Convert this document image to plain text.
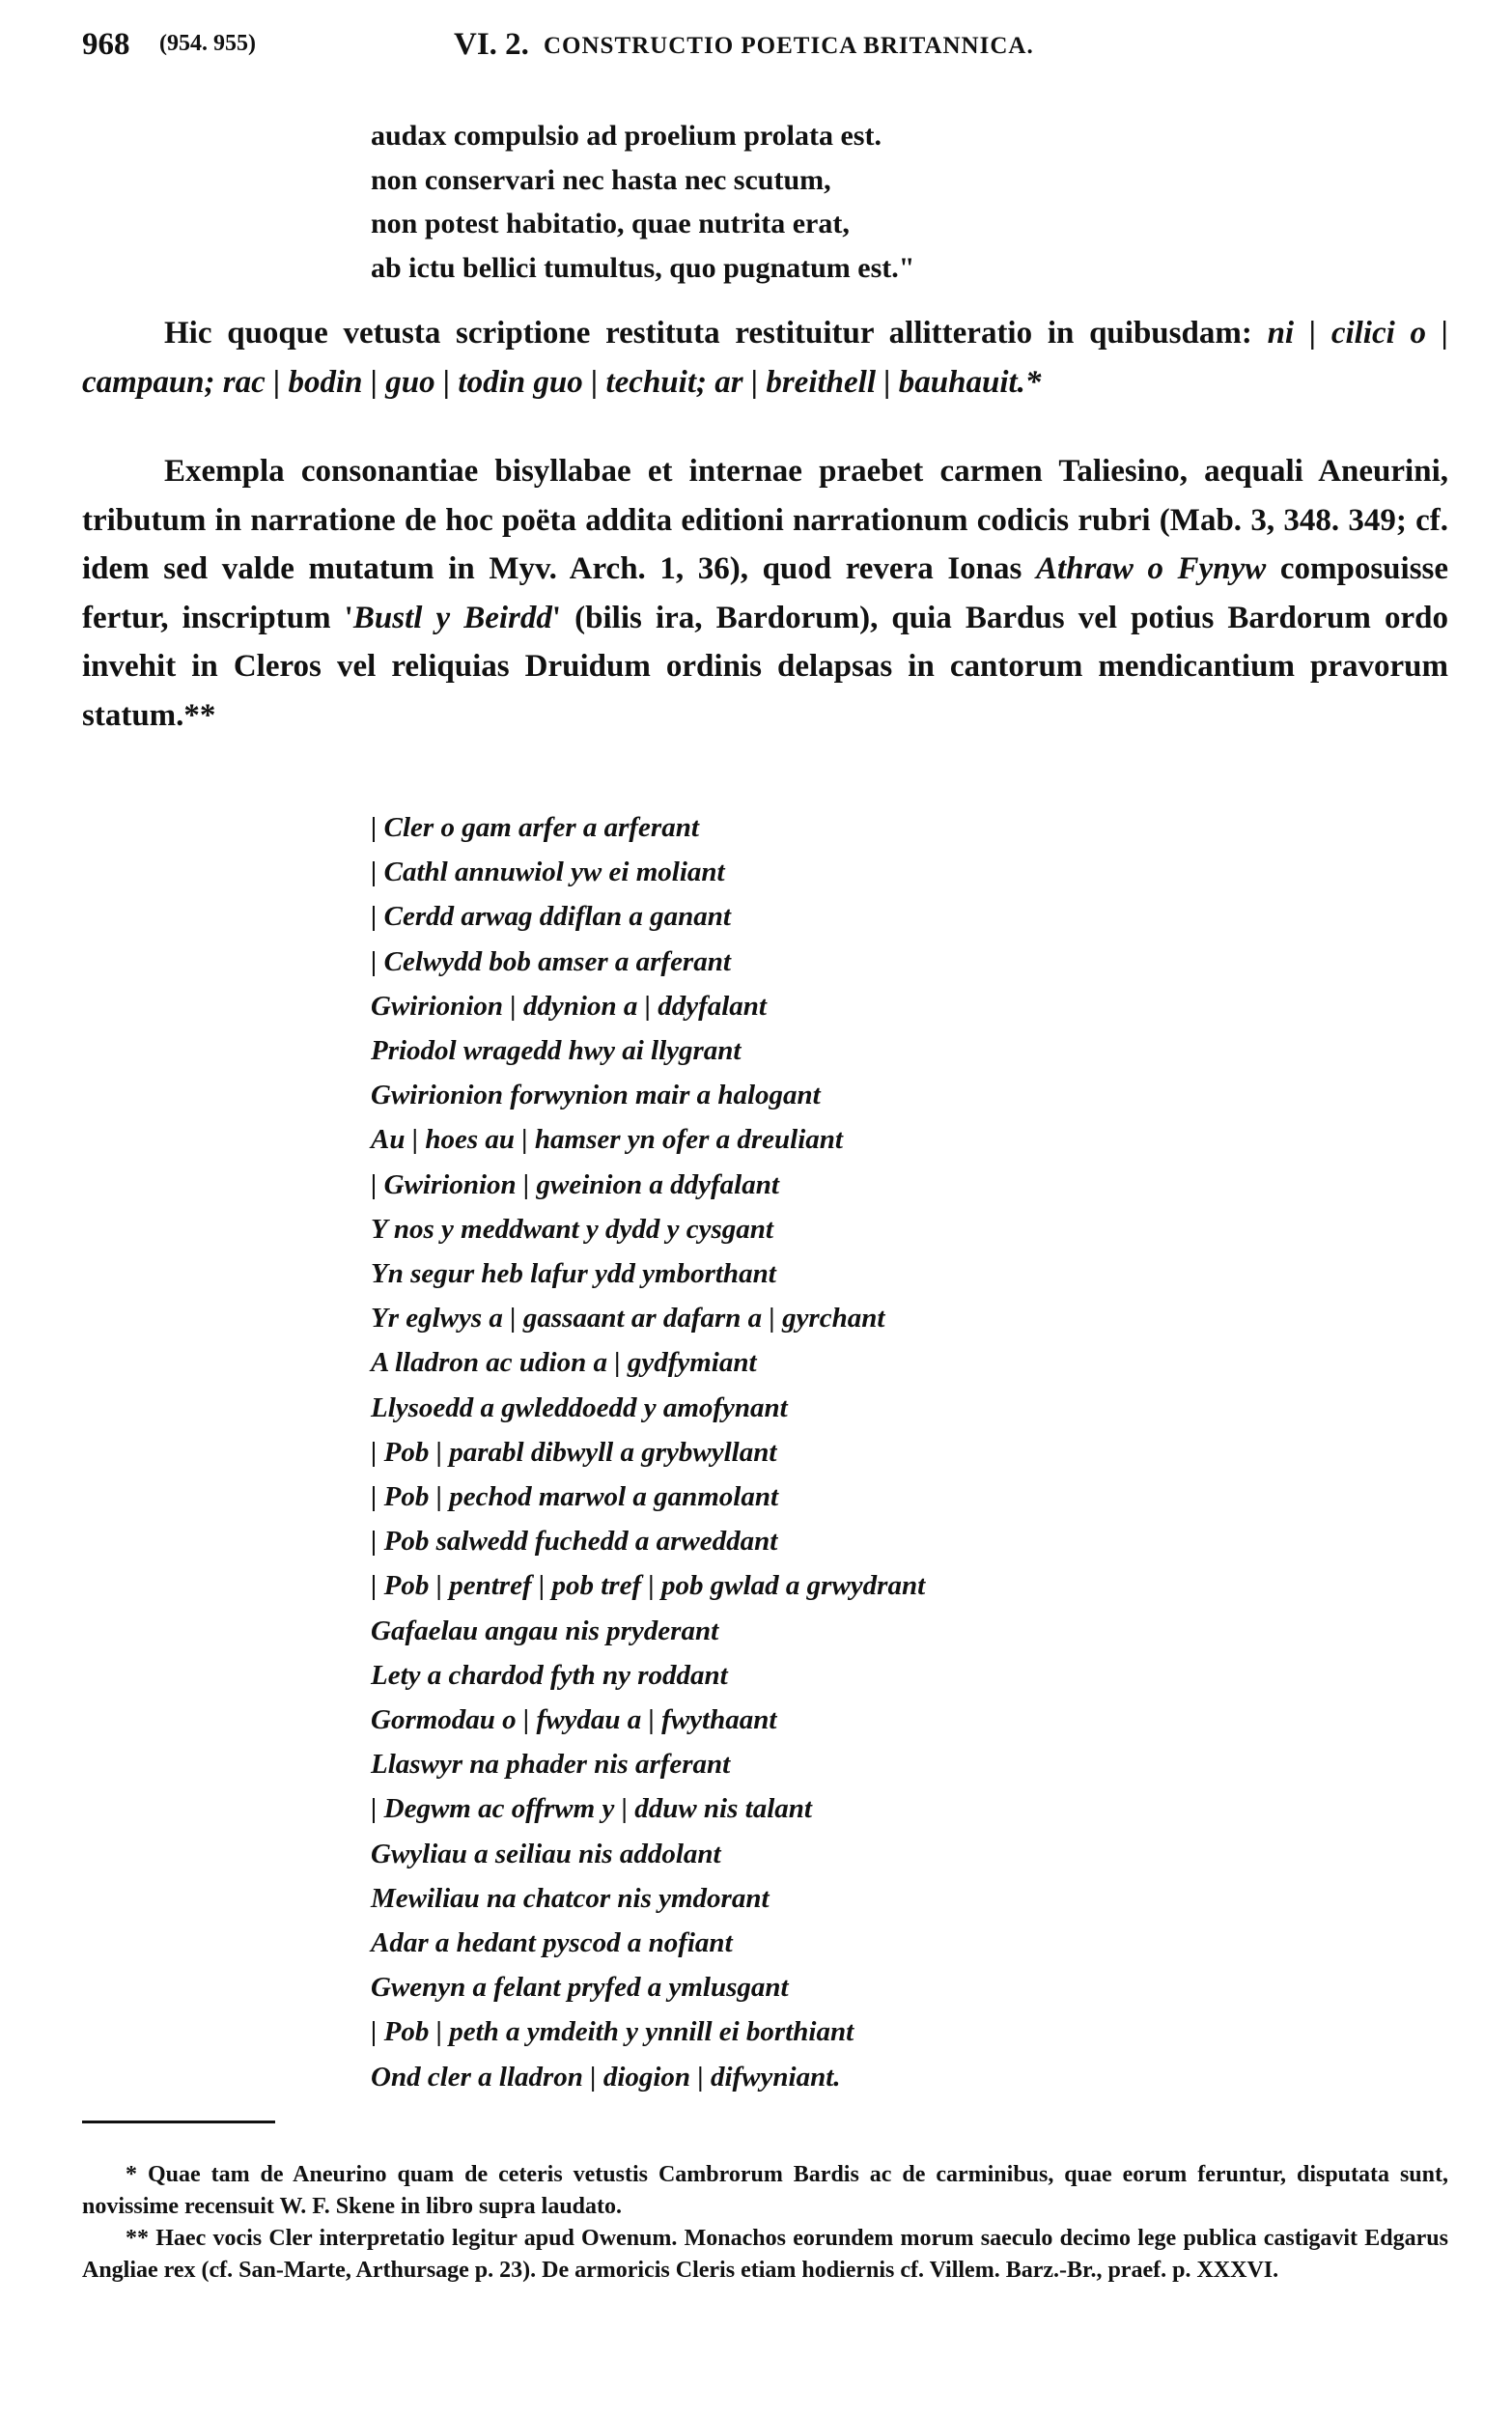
968 (954. 955)	VI. 2. CONSTRUCTIO POETICA BRITANNICA.
audax compulsio ad proelium prolata est.
non conservari nec hasta nec scutum,
non potest habitatio, quae nutrita erat,
ab ictu bellici tumultus, quo pugnatum est."
Hic quoque vetusta scriptione restituta restituitur allitteratio in quibusdam: ni | cilici o | campaun; rac | bodin | guo | todin guo | techuit; ar | breithell | bauhauit.*
Exempla consonantiae bisyllabae et internae praebet carmen Taliesino, aequali Aneurini, tributum in narratione de hoc poëta addita editioni narrationum codicis rubri (Mab. 3, 348. 349; cf. idem sed valde mutatum in Myv. Arch. 1, 36), quod revera Ionas Athraw o Fynyw composuisse fertur, inscriptum 'Bustl y Beirdd' (bilis ira, Bardorum), quia Bardus vel potius Bardorum ordo invehit in Cleros vel reliquias Druidum ordinis delapsas in cantorum mendicantium pravorum statum.**
| Cler o gam arfer a arferant
| Cathl annuwiol yw ei moliant
| Cerdd arwag ddiflan a ganant
| Celwydd bob amser a arferant
Gwirionion | ddynion a | ddyfalant
Priodol wragedd hwy ai llygrant
Gwirionion forwynion mair a halogant
Au | hoes au | hamser yn ofer a dreuliant
| Gwirionion | gweinion a ddyfalant
Y nos y meddwant y dydd y cysgant
Yn segur heb lafur ydd ymborthant
Yr eglwys a | gassaant ar dafarn a | gyrchant
A lladron ac udion a | gydfymiant
Llysoedd a gwleddoedd y amofynant
| Pob | parabl dibwyll a grybwyllant
| Pob | pechod marwol a ganmolant
| Pob salwedd fuchedd a arweddant
| Pob | pentref | pob tref | pob gwlad a grwydrant
Gafaelau angau nis pryderant
Lety a chardod fyth ny roddant
Gormodau o | fwydau a | fwythaant
Llaswyr na phader nis arferant
| Degwm ac offrwm y | dduw nis talant
Gwyliau a seiliau nis addolant
Mewiliau na chatcor nis ymdorant
Adar a hedant pyscod a nofiant
Gwenyn a felant pryfed a ymlusgant
| Pob | peth a ymdeith y ynnill ei borthiant
Ond cler a lladron | diogion | difwyniant.

* Quae tam de Aneurino quam de ceteris vetustis Cambrorum Bardis ac de carminibus, quae eorum feruntur, disputata sunt, novissime recensuit W. F. Skene in libro supra laudato.

** Haec vocis Cler interpretatio legitur apud Owenum. Monachos eorundem morum saeculo decimo lege publica castigavit Edgarus Angliae rex (cf. San-Marte, Arthursage p. 23). De armoricis Cleris etiam hodiernis cf. Villem. Barz.-Br., praef. p. XXXVI.
